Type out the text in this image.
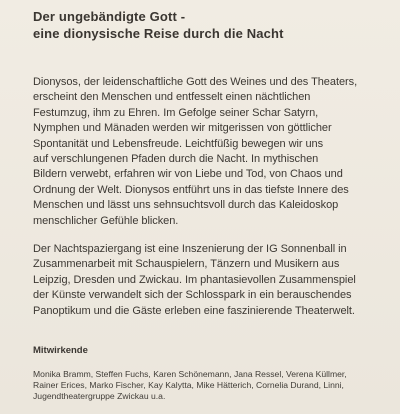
Der ungebändigte Gott -
eine dionysische Reise durch die Nacht
Dionysos, der leidenschaftliche Gott des Weines und des Theaters,
erscheint den Menschen und entfesselt einen nächtlichen
Festumzug, ihm zu Ehren. Im Gefolge seiner Schar Satyrn,
Nymphen und Mänaden werden wir mitgerissen von göttlicher
Spontanität und Lebensfreude. Leichtfüßig bewegen wir uns
auf verschlungenen Pfaden durch die Nacht. In mythischen
Bildern verwebt, erfahren wir von Liebe und Tod, von Chaos und
Ordnung der Welt. Dionysos entführt uns in das tiefste Innere des
Menschen und lässt uns sehnsuchtsvoll durch das Kaleidoskop
menschlicher Gefühle blicken.
Der Nachtspaziergang ist eine Inszenierung der IG Sonnenball in
Zusammenarbeit mit Schauspielern, Tänzern und Musikern aus
Leipzig, Dresden und Zwickau. Im phantasievollen Zusammenspiel
der Künste verwandelt sich der Schlosspark in ein berauschendes
Panoptikum und die Gäste erleben eine faszinierende Theaterwelt.
Mitwirkende
Monika Bramm, Steffen Fuchs, Karen Schönemann, Jana Ressel, Verena Küllmer,
Rainer Erices, Marko Fischer, Kay Kalytta, Mike Hätterich, Cornelia Durand, Linni,
Jugendtheatergruppe Zwickau u.a.
